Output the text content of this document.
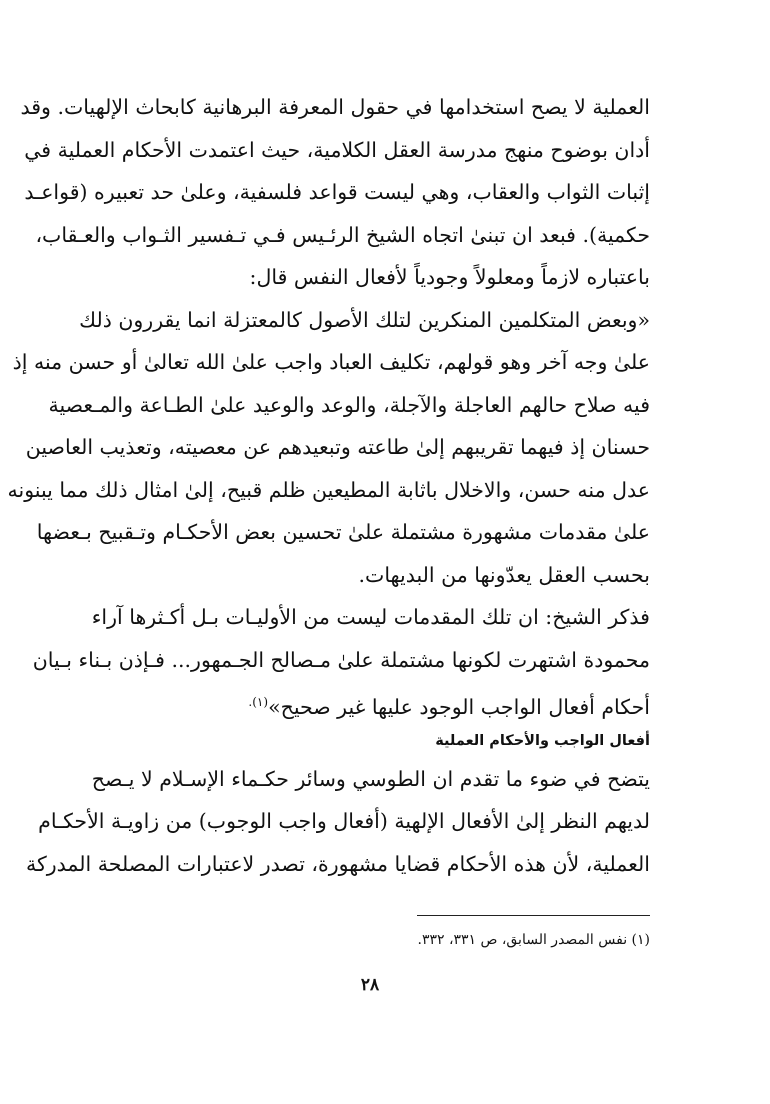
العملية لا يصح استخدامها في حقول المعرفة البرهانية كابحاث الإلهيات. وقد
أدان بوضوح منهج مدرسة العقل الكلامية، حيث اعتمدت الأحكام العملية في
إثبات الثواب والعقاب، وهي ليست قواعد فلسفية، وعلىٰ حد تعبيره (قواعـد
حكمية). فبعد ان تبنىٰ اتجاه الشيخ الرئـيس فـي تـفسير الثـواب والعـقاب،
باعتباره لازماً ومعلولاً وجودياً لأفعال النفس قال:
«وبعض المتكلمين المنكرين لتلك الأصول كالمعتزلة انما يقررون ذلك
علىٰ وجه آخر وهو قولهم، تكليف العباد واجب علىٰ الله تعالىٰ أو حسن منه إذ
فيه صلاح حالهم العاجلة والآجلة، والوعد والوعيد علىٰ الطـاعة والمـعصية
حسنان إذ فيهما تقريبهم إلىٰ طاعته وتبعيدهم عن معصيته، وتعذيب العاصين
عدل منه حسن، والاخلال باثابة المطيعين ظلم قبيح، إلىٰ امثال ذلك مما يبنونه
علىٰ مقدمات مشهورة مشتملة علىٰ تحسين بعض الأحكـام وتـقبيح بـعضها
بحسب العقل يعدّونها من البديهات.
فذكر الشيخ: ان تلك المقدمات ليست من الأوليـات بـل أكـثرها آراء
محمودة اشتهرت لكونها مشتملة علىٰ مـصالح الجـمهور... فـإذن بـناء بـيان
أحكام أفعال الواجب الوجود عليها غير صحيح»$^{(١).}$
أفعال الواجب والأحكام العملية
يتضح في ضوء ما تقدم ان الطوسي وسائر حكـماء الإسـلام لا يـصح
لديهم النظر إلىٰ الأفعال الإلهية (أفعال واجب الوجوب) من زاويـة الأحكـام
العملية، لأن هذه الأحكام قضايا مشهورة، تصدر لاعتبارات المصلحة المدركة
(١) نفس المصدر السابق، ص ٣٣١، ٣٣٢.
٢٨
